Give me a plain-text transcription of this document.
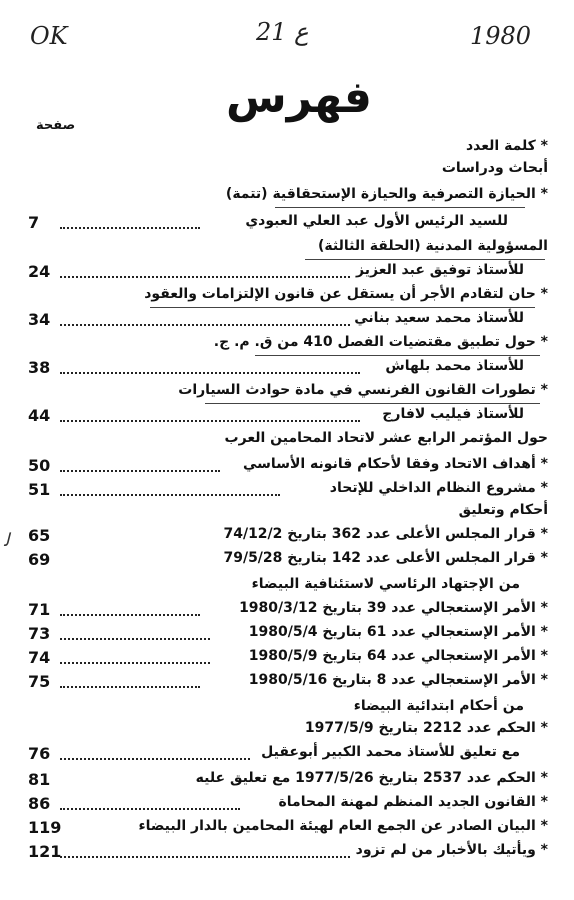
OK	21 ع	1980
فهرس
صفحة
* كلمة العدد
أبحاث ودراسات
* الحيازة التصرفية والحيازة الإستحقاقية (تتمة)
للسيد الرئيس الأول عبد العلي العبودي
7
المسؤولية المدنية (الحلقة الثالثة)
للأستاذ توفيق عبد العزيز
24
* حان لتقادم الأجر أن يستقل عن قانون الإلتزامات والعقود
للأستاذ محمد سعيد بناني
34
* حول تطبيق مقتضيات الفصل 410 من ق. م. ج.
للأستاذ محمد بلهاش
38
* تطورات القانون الفرنسي في مادة حوادث السيارات
للأستاذ فيليب لافارج
44
حول المؤتمر الرابع عشر لاتحاد المحامين العرب
* أهداف الاتحاد وفقا لأحكام قانونه الأساسي
50
* مشروع النظام الداخلي للإتحاد
51
أحكام وتعليق
* قرار المجلس الأعلى عدد 362 بتاريخ 74/12/2
65
ﻟ
* قرار المجلس الأعلى عدد 142 بتاريخ 79/5/28
69
من الإجتهاد الرئاسي لاستئنافية البيضاء
* الأمر الإستعجالي عدد 39 بتاريخ 1980/3/12
71
* الأمر الإستعجالي عدد 61 بتاريخ 1980/5/4
73
* الأمر الإستعجالي عدد 64 بتاريخ 1980/5/9
74
* الأمر الإستعجالي عدد 8 بتاريخ 1980/5/16
75
من أحكام ابتدائية البيضاء
* الحكم عدد 2212 بتاريخ 1977/5/9
مع تعليق للأستاذ محمد الكبير أبوعقيل
76
* الحكم عدد 2537 بتاريخ 1977/5/26 مع تعليق عليه
81
* القانون الجديد المنظم لمهنة المحاماة
86
* البيان الصادر عن الجمع العام لهيئة المحامين بالدار البيضاء
119
* ويأتيك بالأخبار من لم تزود
121
